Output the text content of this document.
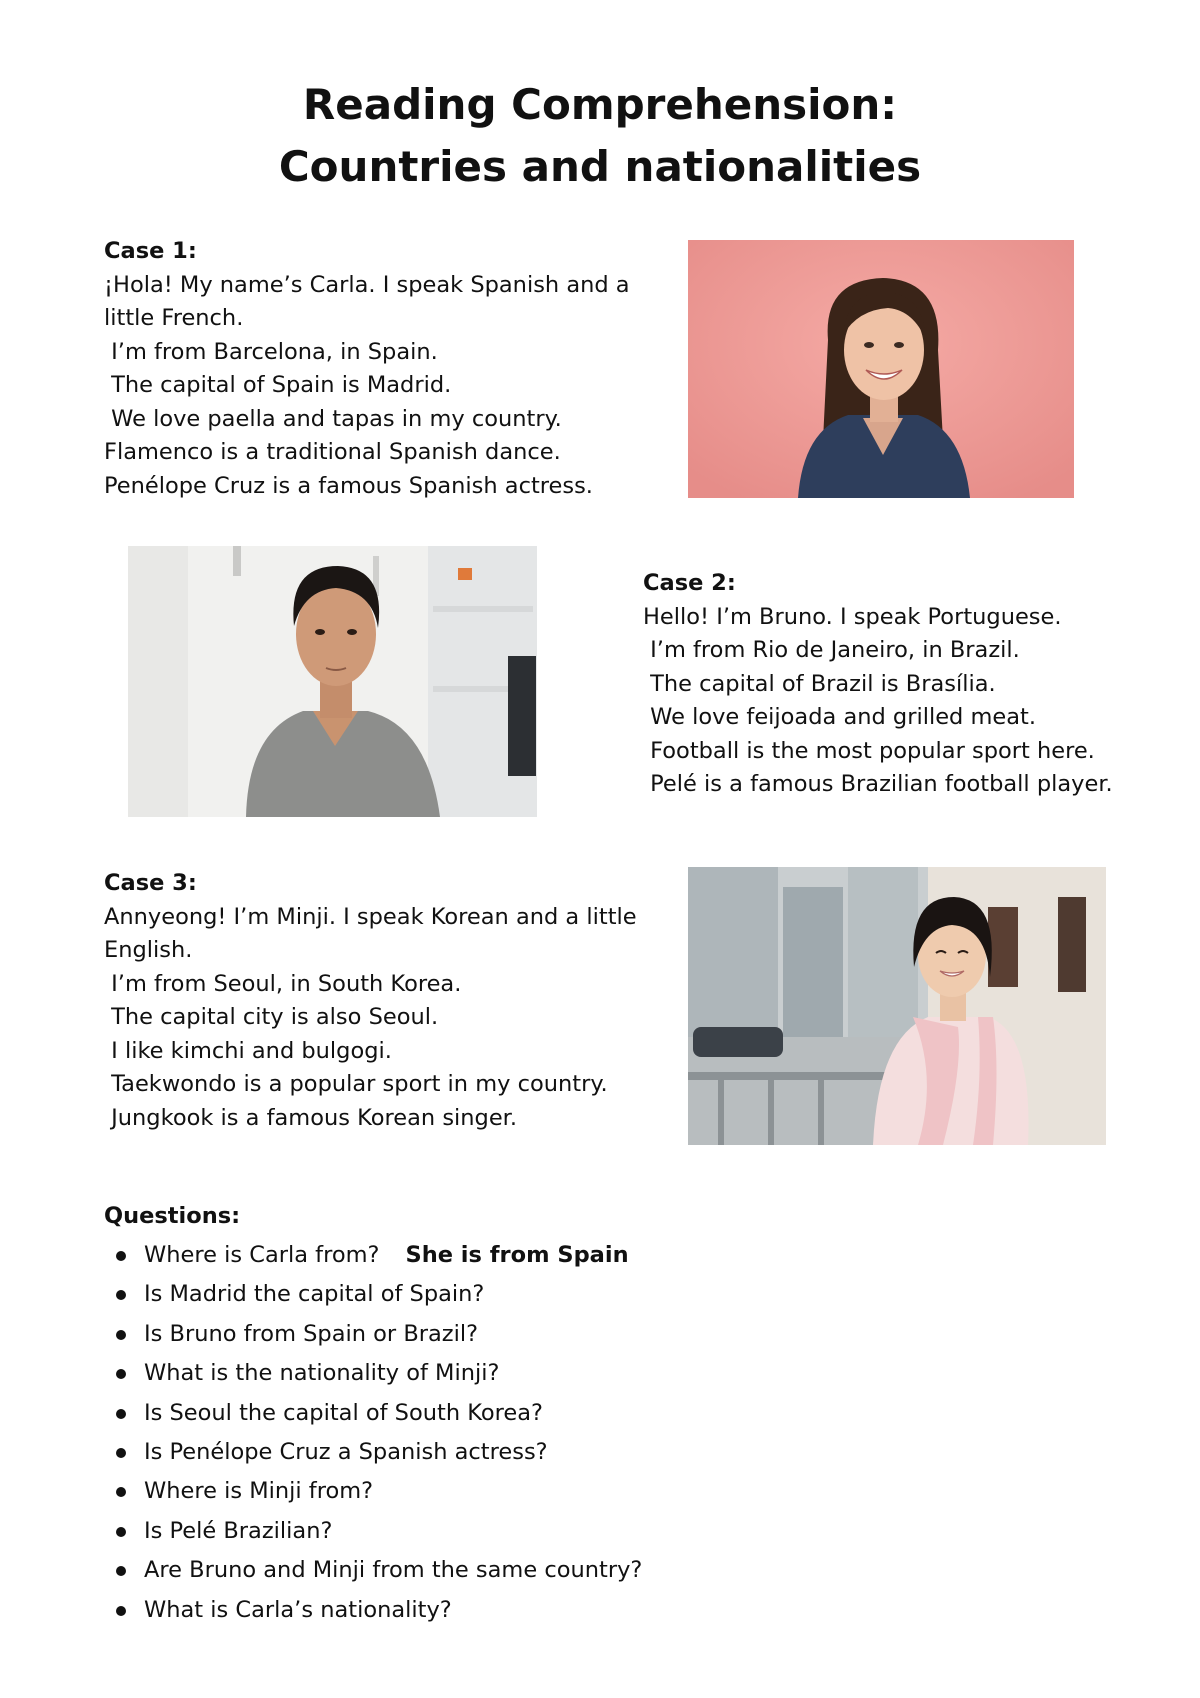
Reading Comprehension:
Countries and nationalities
Case 1:
¡Hola! My name’s Carla. I speak Spanish and a
little French.
I’m from Barcelona, in Spain.
The capital of Spain is Madrid.
We love paella and tapas in my country.
Flamenco is a traditional Spanish dance.
Penélope Cruz is a famous Spanish actress.
Case 2:
Hello! I’m Bruno. I speak Portuguese.
I’m from Rio de Janeiro, in Brazil.
The capital of Brazil is Brasília.
We love feijoada and grilled meat.
Football is the most popular sport here.
Pelé is a famous Brazilian football player.
Case 3:
Annyeong! I’m Minji. I speak Korean and a little
English.
I’m from Seoul, in South Korea.
The capital city is also Seoul.
I like kimchi and bulgogi.
Taekwondo is a popular sport in my country.
Jungkook is a famous Korean singer.
Questions:
Where is Carla from? She is from Spain
Is Madrid the capital of Spain?
Is Bruno from Spain or Brazil?
What is the nationality of Minji?
Is Seoul the capital of South Korea?
Is Penélope Cruz a Spanish actress?
Where is Minji from?
Is Pelé Brazilian?
Are Bruno and Minji from the same country?
What is Carla’s nationality?
